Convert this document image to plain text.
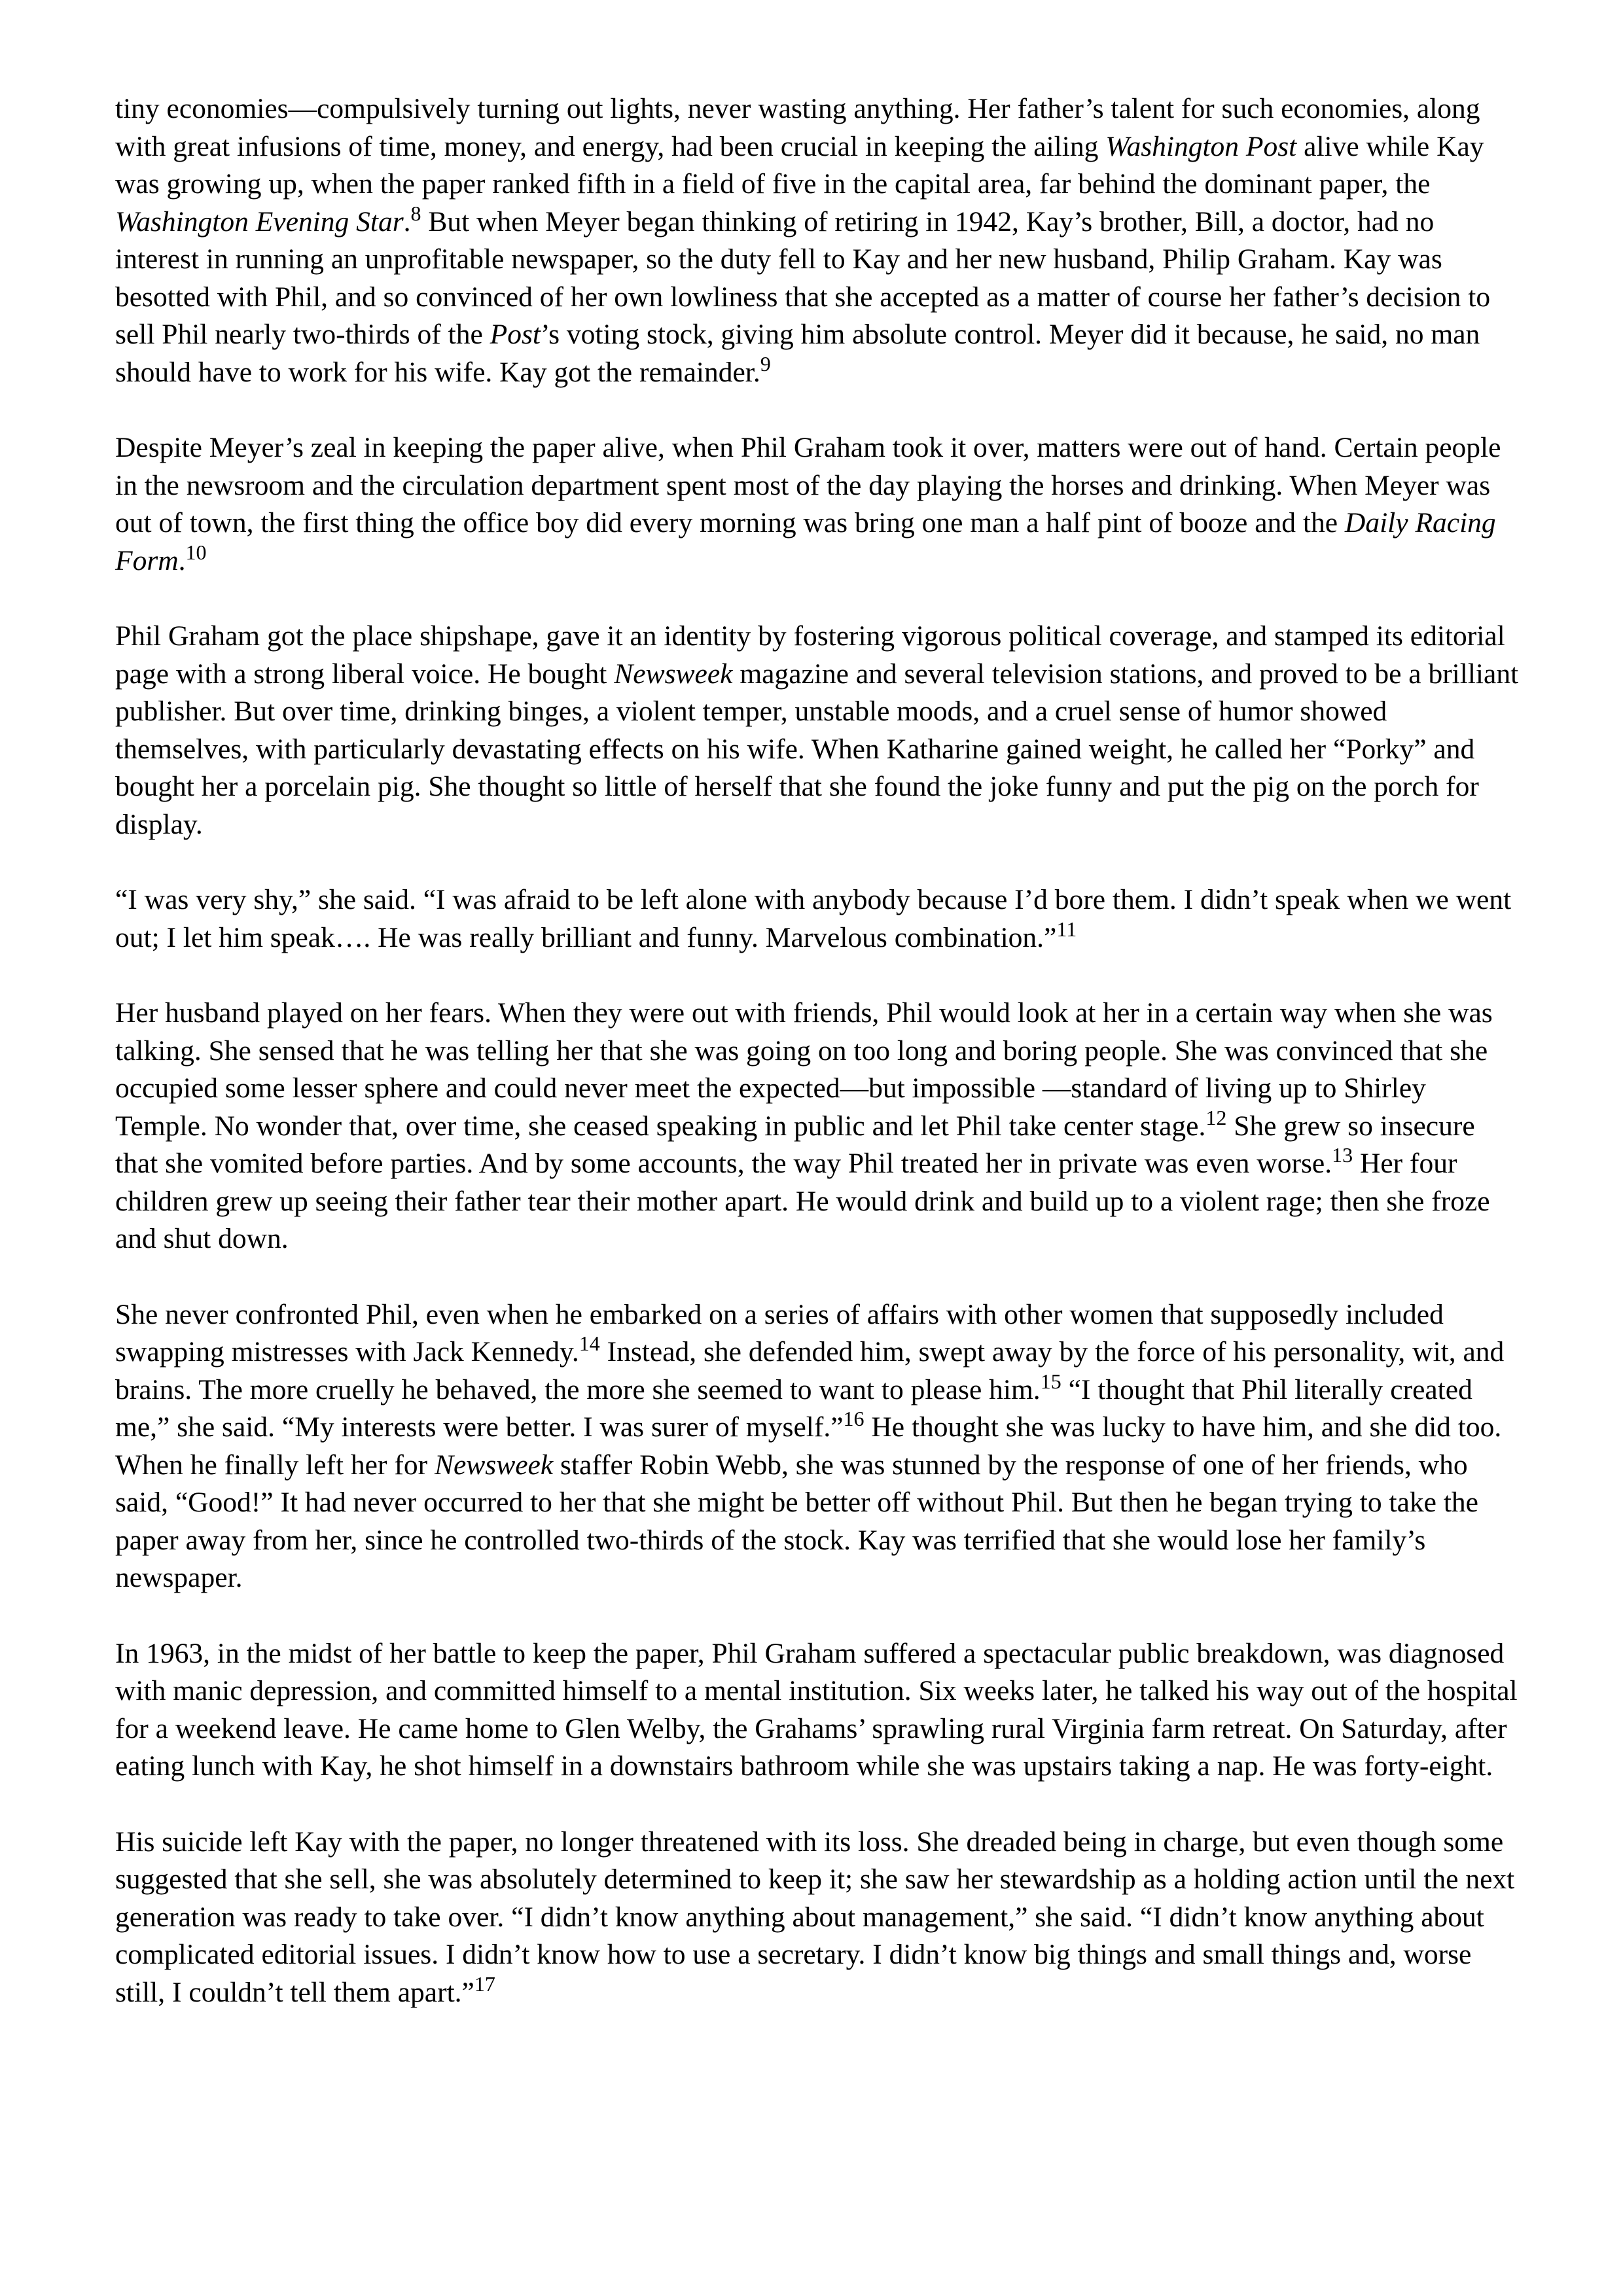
tiny economies—compulsively turning out lights, never wasting anything. Her father’s talent for such economies, along with great infusions of time, money, and energy, had been crucial in keeping the ailing Washington Post alive while Kay was growing up, when the paper ranked fifth in a field of five in the capital area, far behind the dominant paper, the Washington Evening Star.$^8$ But when Meyer began thinking of retiring in 1942, Kay’s brother, Bill, a doctor, had no interest in running an unprofitable newspaper, so the duty fell to Kay and her new husband, Philip Graham. Kay was besotted with Phil, and so convinced of her own lowliness that she accepted as a matter of course her father’s decision to sell Phil nearly two-thirds of the Post’s voting stock, giving him absolute control. Meyer did it because, he said, no man should have to work for his wife. Kay got the remainder.$^9$

Despite Meyer’s zeal in keeping the paper alive, when Phil Graham took it over, matters were out of hand. Certain people in the newsroom and the circulation department spent most of the day playing the horses and drinking. When Meyer was out of town, the first thing the office boy did every morning was bring one man a half pint of booze and the Daily Racing Form.$^{10}$

Phil Graham got the place shipshape, gave it an identity by fostering vigorous political coverage, and stamped its editorial page with a strong liberal voice. He bought Newsweek magazine and several television stations, and proved to be a brilliant publisher. But over time, drinking binges, a violent temper, unstable moods, and a cruel sense of humor showed themselves, with particularly devastating effects on his wife. When Katharine gained weight, he called her “Porky” and bought her a porcelain pig. She thought so little of herself that she found the joke funny and put the pig on the porch for display.

“I was very shy,” she said. “I was afraid to be left alone with anybody because I’d bore them. I didn’t speak when we went out; I let him speak…. He was really brilliant and funny. Marvelous combination.”$^{11}$

Her husband played on her fears. When they were out with friends, Phil would look at her in a certain way when she was talking. She sensed that he was telling her that she was going on too long and boring people. She was convinced that she occupied some lesser sphere and could never meet the expected—but impossible —standard of living up to Shirley Temple. No wonder that, over time, she ceased speaking in public and let Phil take center stage.$^{12}$ She grew so insecure that she vomited before parties. And by some accounts, the way Phil treated her in private was even worse.$^{13}$ Her four children grew up seeing their father tear their mother apart. He would drink and build up to a violent rage; then she froze and shut down.

She never confronted Phil, even when he embarked on a series of affairs with other women that supposedly included swapping mistresses with Jack Kennedy.$^{14}$ Instead, she defended him, swept away by the force of his personality, wit, and brains. The more cruelly he behaved, the more she seemed to want to please him.$^{15}$ “I thought that Phil literally created me,” she said. “My interests were better. I was surer of myself.”$^{16}$ He thought she was lucky to have him, and she did too. When he finally left her for Newsweek staffer Robin Webb, she was stunned by the response of one of her friends, who said, “Good!” It had never occurred to her that she might be better off without Phil. But then he began trying to take the paper away from her, since he controlled two-thirds of the stock. Kay was terrified that she would lose her family’s newspaper.

In 1963, in the midst of her battle to keep the paper, Phil Graham suffered a spectacular public breakdown, was diagnosed with manic depression, and committed himself to a mental institution. Six weeks later, he talked his way out of the hospital for a weekend leave. He came home to Glen Welby, the Grahams’ sprawling rural Virginia farm retreat. On Saturday, after eating lunch with Kay, he shot himself in a downstairs bathroom while she was upstairs taking a nap. He was forty-eight.

His suicide left Kay with the paper, no longer threatened with its loss. She dreaded being in charge, but even though some suggested that she sell, she was absolutely determined to keep it; she saw her stewardship as a holding action until the next generation was ready to take over. “I didn’t know anything about management,” she said. “I didn’t know anything about complicated editorial issues. I didn’t know how to use a secretary. I didn’t know big things and small things and, worse still, I couldn’t tell them apart.”$^{17}$
